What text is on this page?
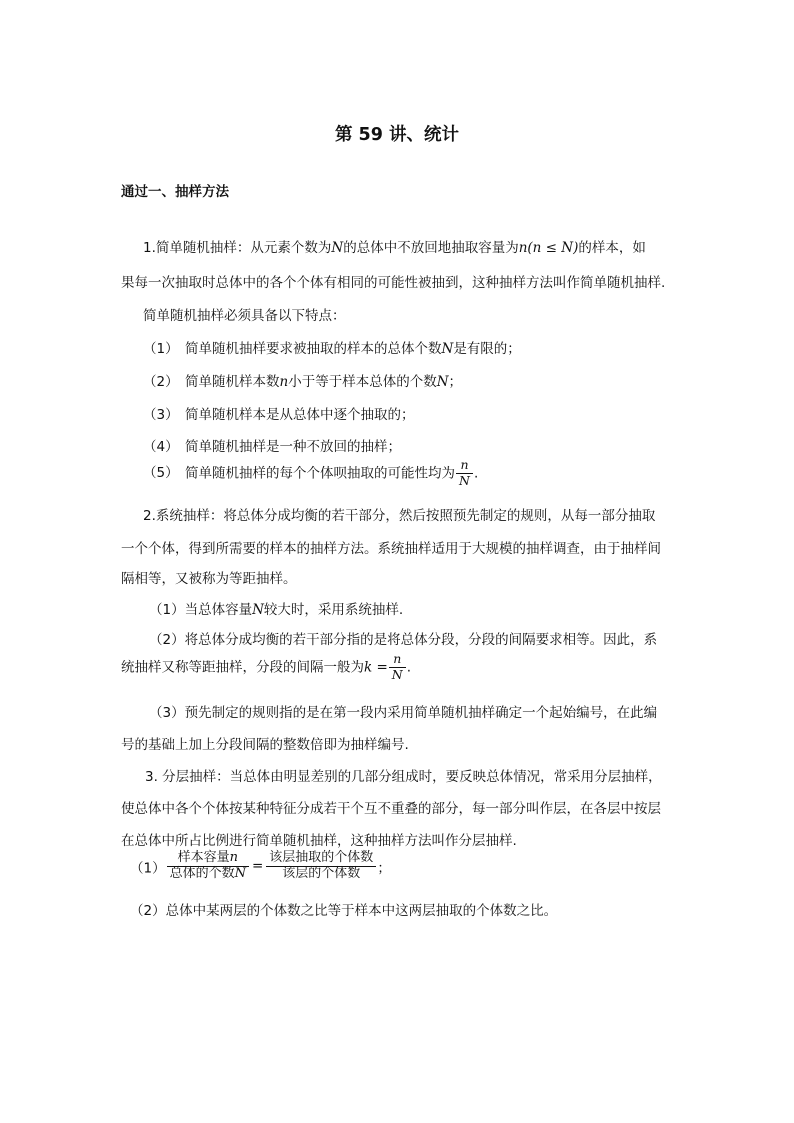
第 59 讲、统计
通过一、抽样方法
1.简单随机抽样：从元素个数为N的总体中不放回地抽取容量为n(n ≤ N)的样本，如
果每一次抽取时总体中的各个个体有相同的可能性被抽到，这种抽样方法叫作简单随机抽样.
简单随机抽样必须具备以下特点：
（1） 简单随机抽样要求被抽取的样本的总体个数N是有限的；
（2） 简单随机样本数n小于等于样本总体的个数N；
（3） 简单随机样本是从总体中逐个抽取的；
（4） 简单随机抽样是一种不放回的抽样；
（5） 简单随机抽样的每个个体呗抽取的可能性均为 $\frac{n}{N}$ .
2.系统抽样：将总体分成均衡的若干部分，然后按照预先制定的规则，从每一部分抽取
一个个体，得到所需要的样本的抽样方法。系统抽样适用于大规模的抽样调查，由于抽样间
隔相等，又被称为等距抽样。
（1）当总体容量N较大时，采用系统抽样.
（2）将总体分成均衡的若干部分指的是将总体分段，分段的间隔要求相等。因此，系
统抽样又称等距抽样，分段的间隔一般为$k = \frac{n}{N}$ .
（3）预先制定的规则指的是在第一段内采用简单随机抽样确定一个起始编号，在此编
号的基础上加上分段间隔的整数倍即为抽样编号.
3. 分层抽样：当总体由明显差别的几部分组成时，要反映总体情况，常采用分层抽样，
使总体中各个个体按某种特征分成若干个互不重叠的部分，每一部分叫作层，在各层中按层
在总体中所占比例进行简单随机抽样，这种抽样方法叫作分层抽样.
$(1) \frac{\text{样本容量n}}{\text{总体的个数N}} = \frac{\text{该层抽取的个体数}}{\text{该层的个体数}}$ ；
（2）总体中某两层的个体数之比等于样本中这两层抽取的个体数之比。
